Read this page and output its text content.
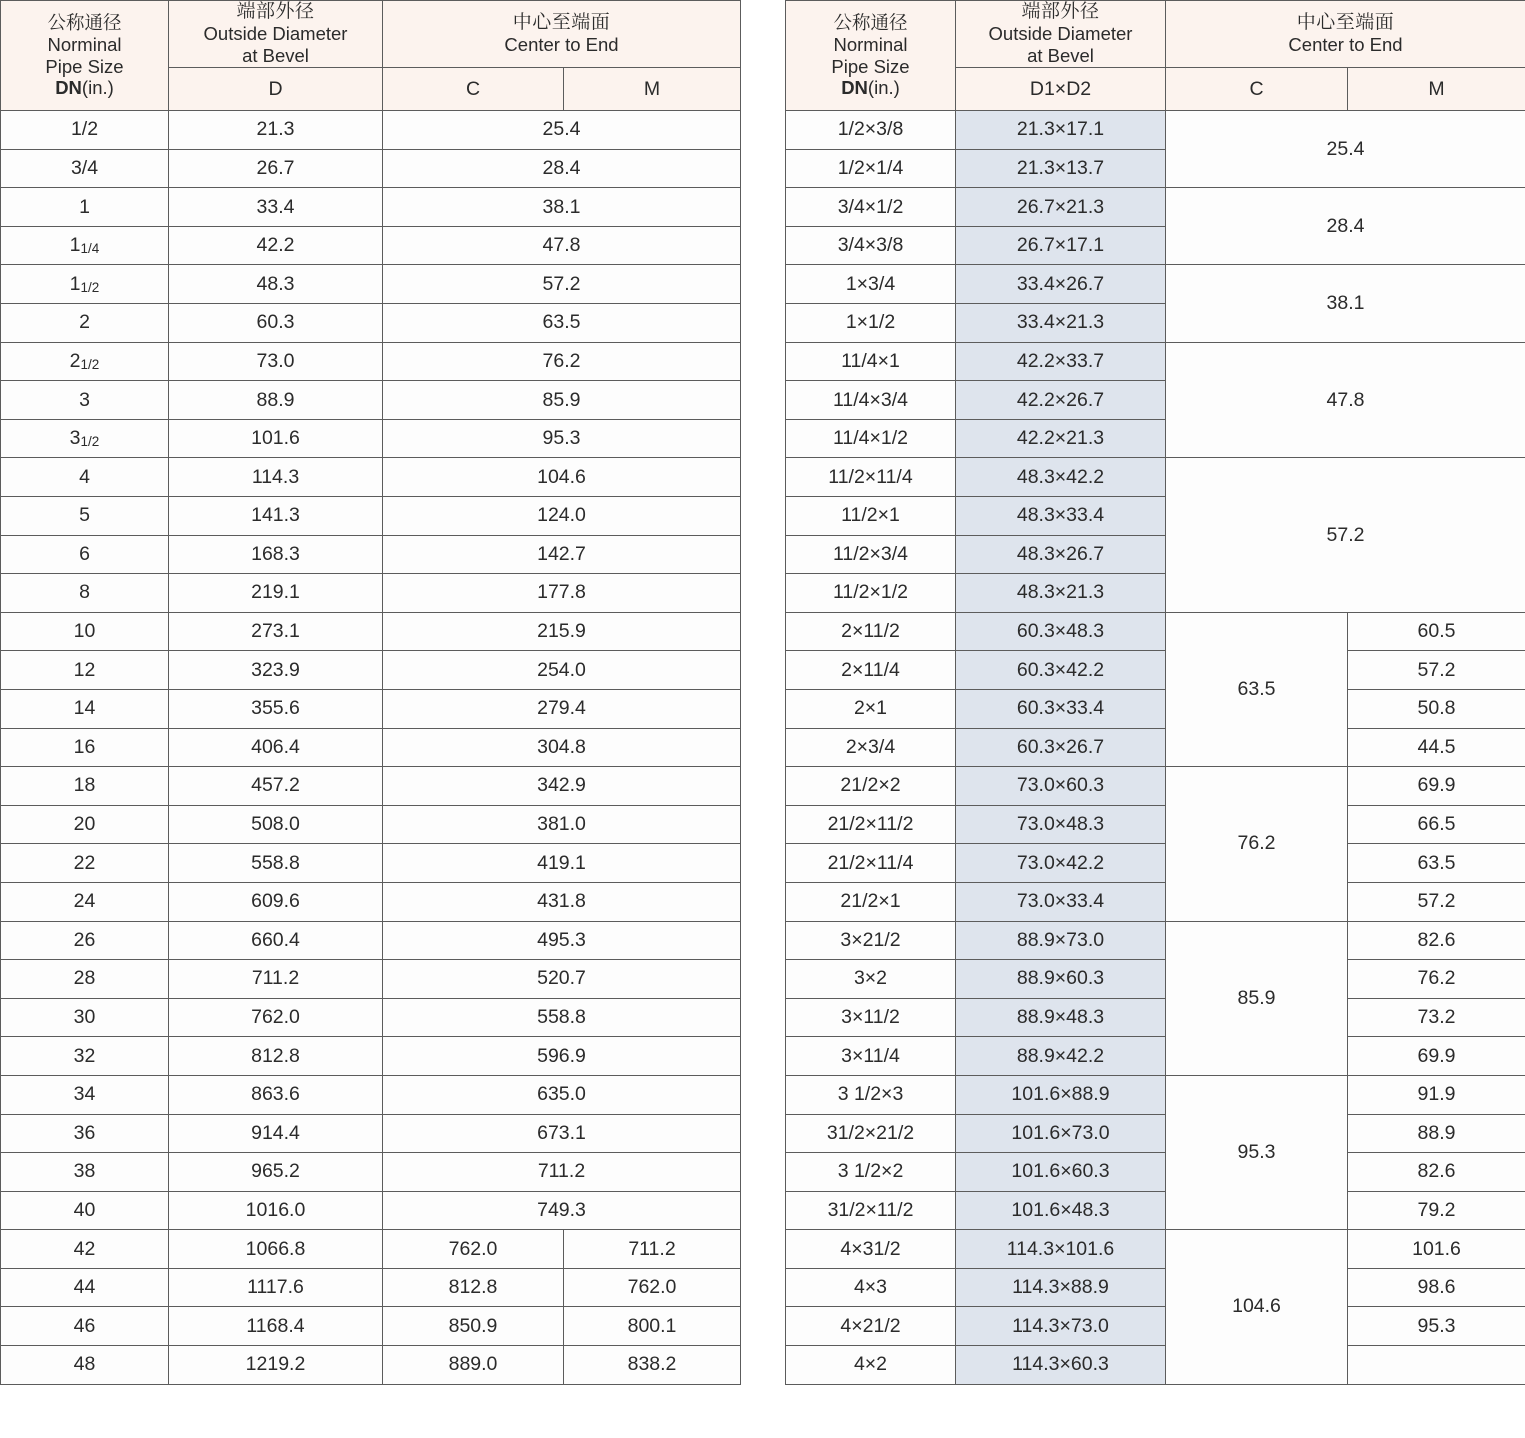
公称通径
Norminal
Pipe Size
DN(in.)	端部外径
Outside Diameter
at Bevel	中心至端面
Center to End	

	D	C	M
1/2	21.3	25.4	
3/4	26.7	28.4	
1	33.4	38.1	
11/4	42.2	47.8	
11/2	48.3	57.2	
2	60.3	63.5	
21/2	73.0	76.2	
3	88.9	85.9	
31/2	101.6	95.3	
4	114.3	104.6	
5	141.3	124.0	
6	168.3	142.7	
8	219.1	177.8	
10	273.1	215.9	
12	323.9	254.0	
14	355.6	279.4	
16	406.4	304.8	
18	457.2	342.9	
20	508.0	381.0	
22	558.8	419.1	
24	609.6	431.8	
26	660.4	495.3	
28	711.2	520.7	
30	762.0	558.8	
32	812.8	596.9	
34	863.6	635.0	
36	914.4	673.1	
38	965.2	711.2	
40	1016.0	749.3	
42	1066.8	762.0	711.2
44	1117.6	812.8	762.0
46	1168.4	850.9	800.1
48	1219.2	889.0	838.2
公称通径
Norminal
Pipe Size
DN(in.)	端部外径
Outside Diameter
at Bevel	中心至端面
Center to End	

	D1×D2	C	M
1/2×3/8	21.3×17.1	25.4	
1/2×1/4	21.3×13.7		
3/4×1/2	26.7×21.3	28.4	
3/4×3/8	26.7×17.1		
1×3/4	33.4×26.7	38.1	
1×1/2	33.4×21.3		
11/4×1	42.2×33.7	47.8	
11/4×3/4	42.2×26.7		
11/4×1/2	42.2×21.3		
11/2×11/4	48.3×42.2	57.2	
11/2×1	48.3×33.4		
11/2×3/4	48.3×26.7		
11/2×1/2	48.3×21.3		
2×11/2	60.3×48.3	63.5	60.5
2×11/4	60.3×42.2		57.2
2×1	60.3×33.4		50.8
2×3/4	60.3×26.7		44.5
21/2×2	73.0×60.3	76.2	69.9
21/2×11/2	73.0×48.3		66.5
21/2×11/4	73.0×42.2		63.5
21/2×1	73.0×33.4		57.2
3×21/2	88.9×73.0	85.9	82.6
3×2	88.9×60.3		76.2
3×11/2	88.9×48.3		73.2
3×11/4	88.9×42.2		69.9
3 1/2×3	101.6×88.9	95.3	91.9
31/2×21/2	101.6×73.0		88.9
3 1/2×2	101.6×60.3		82.6
31/2×11/2	101.6×48.3		79.2
4×31/2	114.3×101.6	104.6	101.6
4×3	114.3×88.9		98.6
4×21/2	114.3×73.0		95.3
4×2	114.3×60.3		
